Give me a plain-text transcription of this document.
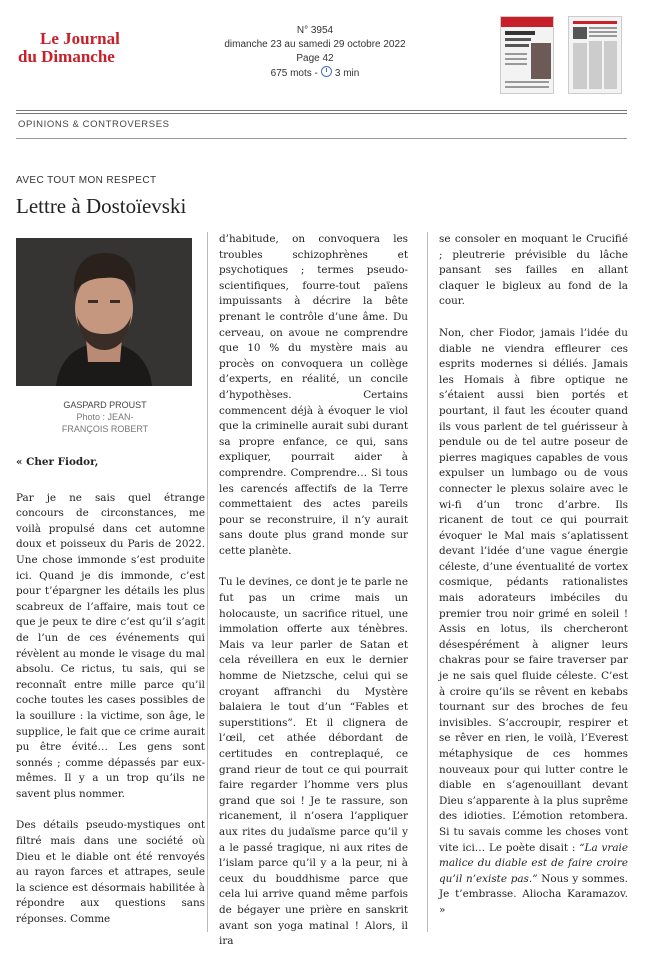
Le Journal
du Dimanche
N° 3954
dimanche 23 au samedi 29 octobre 2022
Page 42
675 mots - 3 min
OPINIONS & CONTROVERSES
AVEC TOUT MON RESPECT
Lettre à Dostoïevski
GASPARD PROUST
Photo : JEAN-FRANÇOIS ROBERT

« Cher Fiodor,

Par je ne sais quel étrange concours de circonstances, me voilà propulsé dans cet automne doux et poisseux du Paris de 2022. Une chose immonde s’est produite ici. Quand je dis immonde, c’est pour t’épargner les détails les plus scabreux de l’affaire, mais tout ce que je peux te dire c’est qu’il s’agit de l’un de ces événements qui révèlent au monde le visage du mal absolu. Ce rictus, tu sais, qui se reconnaît entre mille parce qu’il coche toutes les cases possibles de la souillure : la victime, son âge, le supplice, le fait que ce crime aurait pu être évité… Les gens sont sonnés ; comme dépassés par eux-mêmes. Il y a un trop qu’ils ne savent plus nommer.

Des détails pseudo-mystiques ont filtré mais dans une société où Dieu et le diable ont été renvoyés au rayon farces et attrapes, seule la science est désormais habilitée à répondre aux questions sans réponses. Comme

d’habitude, on convoquera les troubles schizophrènes et psychotiques ; termes pseudo-scientifiques, fourre-tout païens impuissants à décrire la bête prenant le contrôle d’une âme. Du cerveau, on avoue ne comprendre que 10 % du mystère mais au procès on convoquera un collège d’experts, en réalité, un concile d’hypothèses. Certains commencent déjà à évoquer le viol que la criminelle aurait subi durant sa propre enfance, ce qui, sans expliquer, pourrait aider à comprendre. Comprendre… Si tous les carencés affectifs de la Terre commettaient des actes pareils pour se reconstruire, il n’y aurait sans doute plus grand monde sur cette planète.

Tu le devines, ce dont je te parle ne fut pas un crime mais un holocauste, un sacrifice rituel, une immolation offerte aux ténèbres. Mais va leur parler de Satan et cela réveillera en eux le dernier homme de Nietzsche, celui qui se croyant affranchi du Mystère balaiera le tout d’un “Fables et superstitions”. Et il clignera de l’œil, cet athée débordant de certitudes en contreplaqué, ce grand rieur de tout ce qui pourrait faire regarder l’homme vers plus grand que soi ! Je te rassure, son ricanement, il n’osera l’appliquer aux rites du judaïsme parce qu’il y a le passé tragique, ni aux rites de l’islam parce qu’il y a la peur, ni à ceux du bouddhisme parce que cela lui arrive quand même parfois de bégayer une prière en sanskrit avant son yoga matinal ! Alors, il ira

se consoler en moquant le Crucifié ; pleutrerie prévisible du lâche pansant ses failles en allant claquer le bigleux au fond de la cour.

Non, cher Fiodor, jamais l’idée du diable ne viendra effleurer ces esprits modernes si déliés. Jamais les Homais à fibre optique ne s’étaient aussi bien portés et pourtant, il faut les écouter quand ils vous parlent de tel guérisseur à pendule ou de tel autre poseur de pierres magiques capables de vous expulser un lumbago ou de vous connecter le plexus solaire avec le wi-fi d’un tronc d’arbre. Ils ricanent de tout ce qui pourrait évoquer le Mal mais s’aplatissent devant l’idée d’une vague énergie céleste, d’une éventualité de vortex cosmique, pédants rationalistes mais adorateurs imbéciles du premier trou noir grimé en soleil ! Assis en lotus, ils chercheront désespérément à aligner leurs chakras pour se faire traverser par je ne sais quel fluide céleste. C’est à croire qu’ils se rêvent en kebabs tournant sur des broches de feu invisibles. S’accroupir, respirer et se rêver en rien, le voilà, l’Everest métaphysique de ces hommes nouveaux pour qui lutter contre le diable en s’agenouillant devant Dieu s’apparente à la plus suprême des idioties. L’émotion retombera. Si tu savais comme les choses vont vite ici… Le poète disait : “La vraie malice du diable est de faire croire qu’il n’existe pas.” Nous y sommes. Je t’embrasse. Aliocha Karamazov. »
